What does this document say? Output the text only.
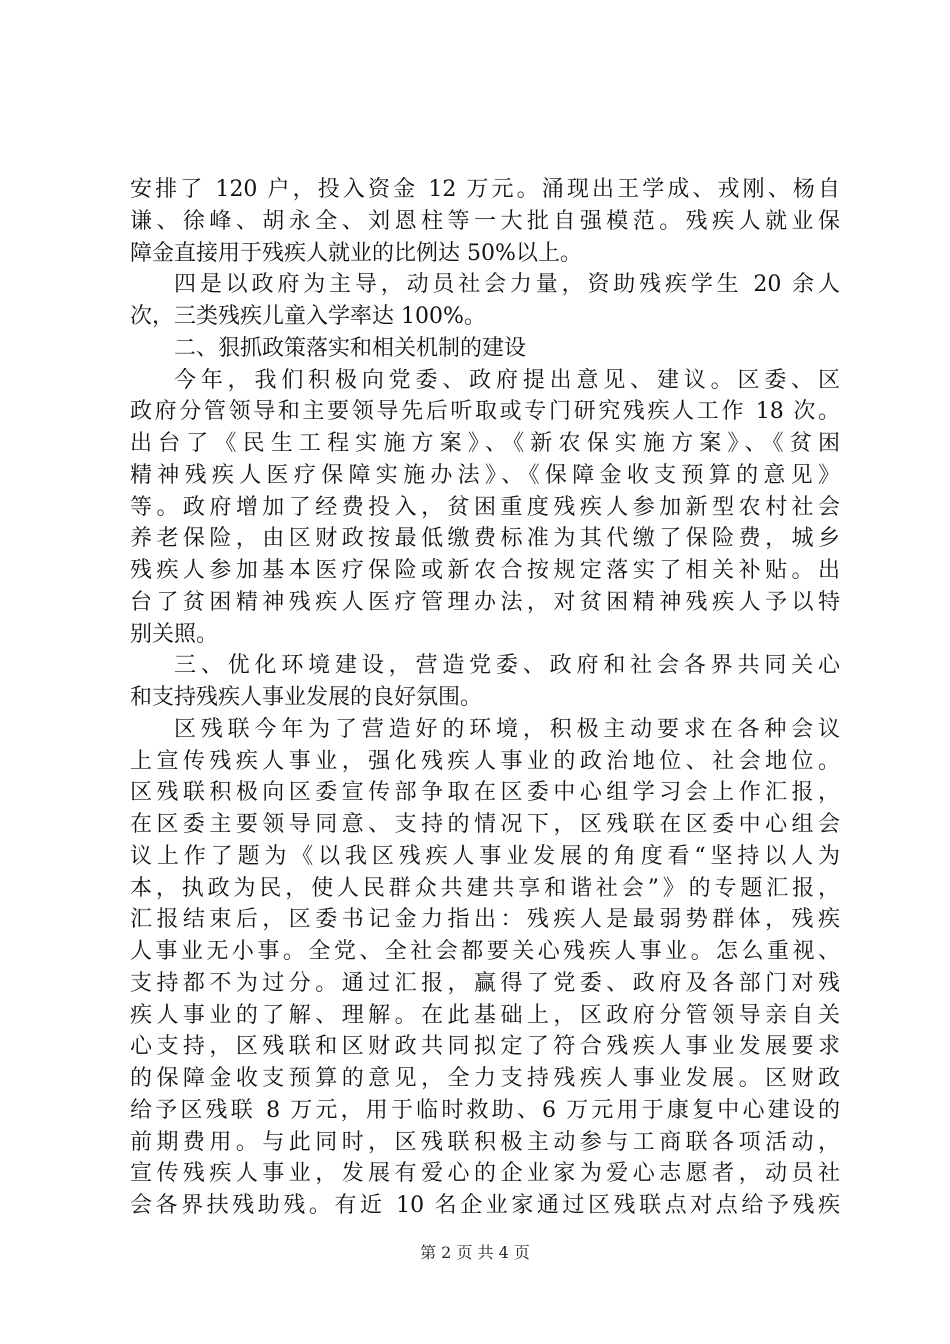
安排了 120 户，投入资金 12 万元。涌现出王学成、戎刚、杨自
谦、徐峰、胡永全、刘恩柱等一大批自强模范。残疾人就业保
障金直接用于残疾人就业的比例达 50%以上。
四是以政府为主导，动员社会力量，资助残疾学生 20 余人
次，三类残疾儿童入学率达 100%。
二、狠抓政策落实和相关机制的建设
今年，我们积极向党委、政府提出意见、建议。区委、区
政府分管领导和主要领导先后听取或专门研究残疾人工作 18 次。
出台了《民生工程实施方案》、《新农保实施方案》、《贫困
精神残疾人医疗保障实施办法》、《保障金收支预算的意见》
等。政府增加了经费投入，贫困重度残疾人参加新型农村社会
养老保险，由区财政按最低缴费标准为其代缴了保险费，城乡
残疾人参加基本医疗保险或新农合按规定落实了相关补贴。出
台了贫困精神残疾人医疗管理办法，对贫困精神残疾人予以特
别关照。
三、优化环境建设，营造党委、政府和社会各界共同关心
和支持残疾人事业发展的良好氛围。
区残联今年为了营造好的环境，积极主动要求在各种会议
上宣传残疾人事业，强化残疾人事业的政治地位、社会地位。
区残联积极向区委宣传部争取在区委中心组学习会上作汇报，
在区委主要领导同意、支持的情况下，区残联在区委中心组会
议上作了题为《以我区残疾人事业发展的角度看“坚持以人为
本，执政为民，使人民群众共建共享和谐社会”》的专题汇报，
汇报结束后，区委书记金力指出：残疾人是最弱势群体，残疾
人事业无小事。全党、全社会都要关心残疾人事业。怎么重视、
支持都不为过分。通过汇报，赢得了党委、政府及各部门对残
疾人事业的了解、理解。在此基础上，区政府分管领导亲自关
心支持，区残联和区财政共同拟定了符合残疾人事业发展要求
的保障金收支预算的意见，全力支持残疾人事业发展。区财政
给予区残联 8 万元，用于临时救助、6 万元用于康复中心建设的
前期费用。与此同时，区残联积极主动参与工商联各项活动，
宣传残疾人事业，发展有爱心的企业家为爱心志愿者，动员社
会各界扶残助残。有近 10 名企业家通过区残联点对点给予残疾
第 2 页 共 4 页
